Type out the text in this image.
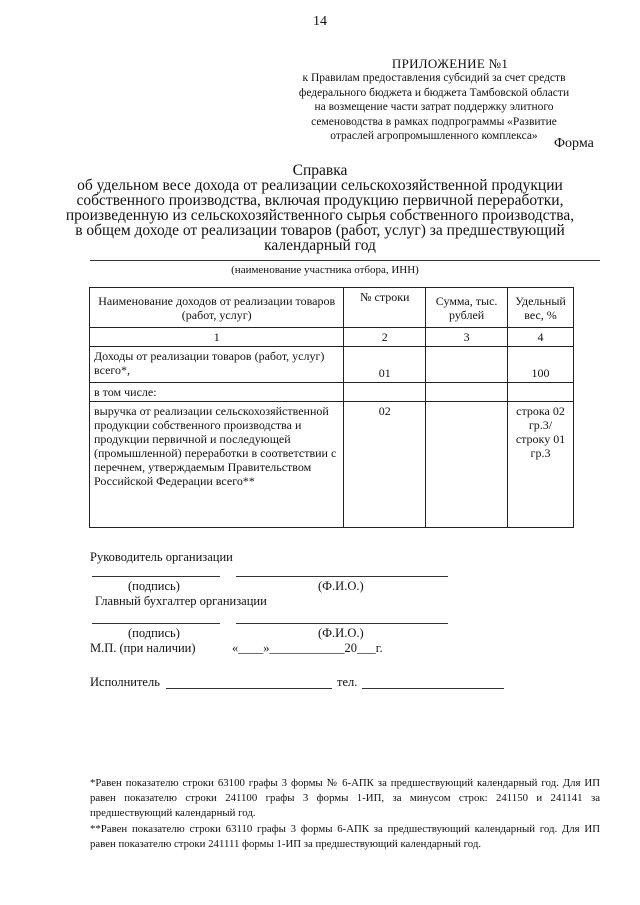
14
ПРИЛОЖЕНИЕ №1
к Правилам предоставления субсидий за счет средств
федерального бюджета и бюджета Тамбовской области
на возмещение части затрат поддержку элитного
семеноводства в рамках подпрограммы «Развитие
отраслей агропромышленного комплекса»	Форма
Справка
об удельном весе дохода от реализации сельскохозяйственной продукции
собственного производства, включая продукцию первичной переработки,
произведенную из сельскохозяйственного сырья собственного производства,
в общем доходе от реализации товаров (работ, услуг) за предшествующий
календарный год
(наименование участника отбора, ИНН)
Наименование доходов от реализации товаров (работ, услуг)	№ строки	Сумма, тыс. рублей	Удельный вес, %
1	2	3	4
Доходы от реализации товаров (работ, услуг) всего*,	01		100
в том числе:			
выручка от реализации сельскохозяйственной продукции собственного производства и продукции первичной и последующей (промышленной) переработки в соответствии с перечнем, утверждаемым Правительством Российской Федерации всего**	02		строка 02 гр.3/ строку 01 гр.3
Руководитель организации
(подпись)	(Ф.И.О.)
Главный бухгалтер организации
(подпись)	(Ф.И.О.)
М.П. (при наличии)	«____»____________20___г.
Исполнитель	тел.
*Равен показателю строки 63100 графы 3 формы № 6-АПК за предшествующий календарный год. Для ИП равен показателю строки 241100 графы 3 формы 1-ИП, за минусом строк: 241150 и 241141 за предшествующий календарный год.
**Равен показателю строки 63110 графы 3 формы 6-АПК за предшествующий календарный год. Для ИП равен показателю строки 241111 формы 1-ИП за предшествующий календарный год.
